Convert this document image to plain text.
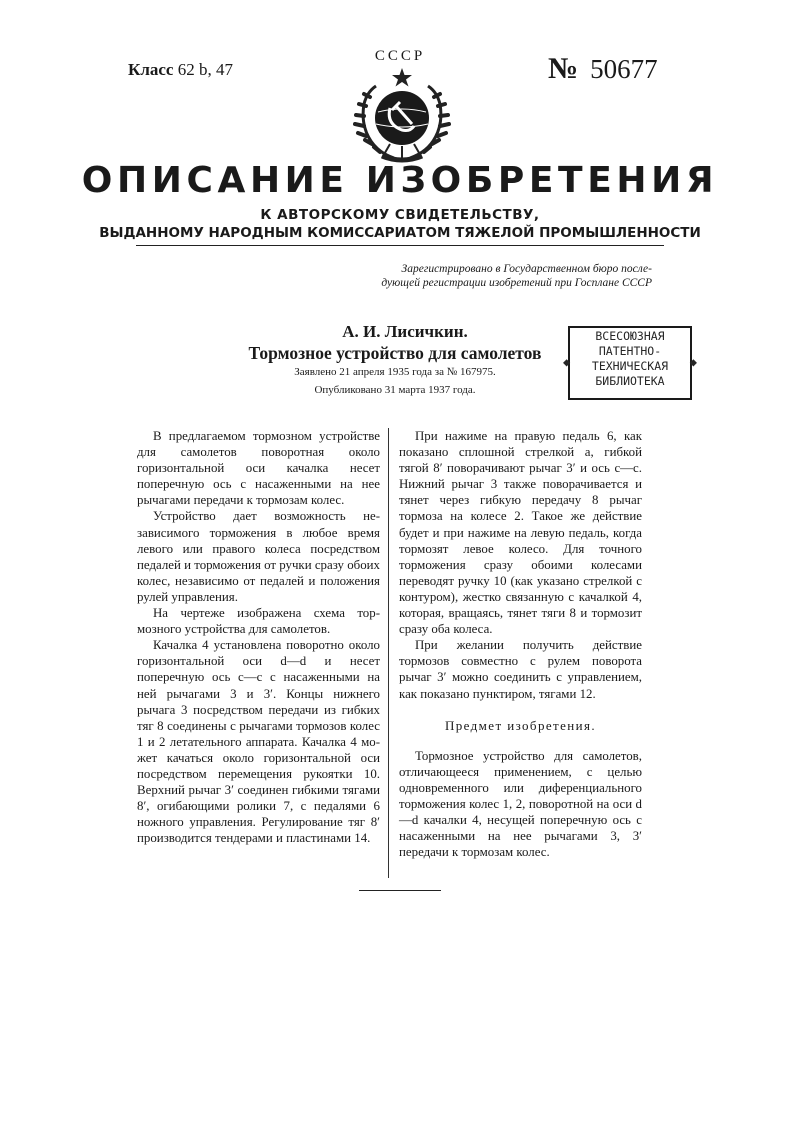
Класс 62 b, 47
СССР	№ 50677
ОПИСАНИЕ ИЗОБРЕТЕНИЯ
К АВТОРСКОМУ СВИДЕТЕЛЬСТВУ,
ВЫДАННОМУ НАРОДНЫМ КОМИССАРИАТОМ ТЯЖЕЛОЙ ПРОМЫШЛЕННОСТИ
Зарегистрировано в Государственном бюро после-
дующей регистрации изобретений при Госплане СССР
А. И. Лисичкин.
Тормозное устройство для самолетов
Заявлено 21 апреля 1935 года за № 167975.
Опубликовано 31 марта 1937 года.
◆	◆
ВСЕСОЮЗНАЯ
ПАТЕНТНО-
ТЕХНИЧЕСКАЯ
БИБЛИОТЕКА

В предлагаемом тормозном устройстве для самолетов поворотная около горизонтальной оси качалка несет поперечную ось с насаженными на нее рычагами передачи к тормозам колес.

Устройство дает возможность независимого торможения в любое время левого или правого колеса посредством педалей и торможения от ручки сразу обоих колес, независимо от педалей и положения рулей управления.

На чертеже изображена схема тормозного устройства для самолетов.

Качалка 4 установлена поворотно около горизонтальной оси d—d и несет поперечную ось с—с с насаженными на ней рычагами 3 и 3′. Концы нижнего рычага 3 посредством передачи из гибких тяг 8 соединены с рычагами тормозов колес 1 и 2 летательного аппарата. Качалка 4 может качаться около горизонтальной оси посредством перемещения рукоятки 10. Верхний рычаг 3′ соединен гибкими тягами 8′, огибающими ролики 7, с педалями 6 ножного управления. Регулирование тяг 8′ производится тендерами и пластинами 14.

При нажиме на правую педаль 6, как показано сплошной стрелкой а, гибкой тягой 8′ поворачивают рычаг 3′ и ось с—с. Нижний рычаг 3 также поворачивается и тянет через гибкую передачу 8 рычаг тормоза на колесе 2. Такое же действие будет и при нажиме на левую педаль, когда тормозят левое колесо. Для точного торможения сразу обоими колесами переводят ручку 10 (как указано стрелкой с контуром), жестко связанную с качалкой 4, которая, вращаясь, тянет тяги 8 и тормозит сразу оба колеса.

При желании получить действие тормозов совместно с рулем поворота рычаг 3′ можно соединить с управлением, как показано пунктиром, тягами 12.

Предмет изобретения.

Тормозное устройство для самолетов, отличающееся применением, с целью одновременного или диференциального торможения колес 1, 2, поворотной на оси d—d качалки 4, несущей поперечную ось с насаженными на нее рычагами 3, 3′ передачи к тормозам колес.
